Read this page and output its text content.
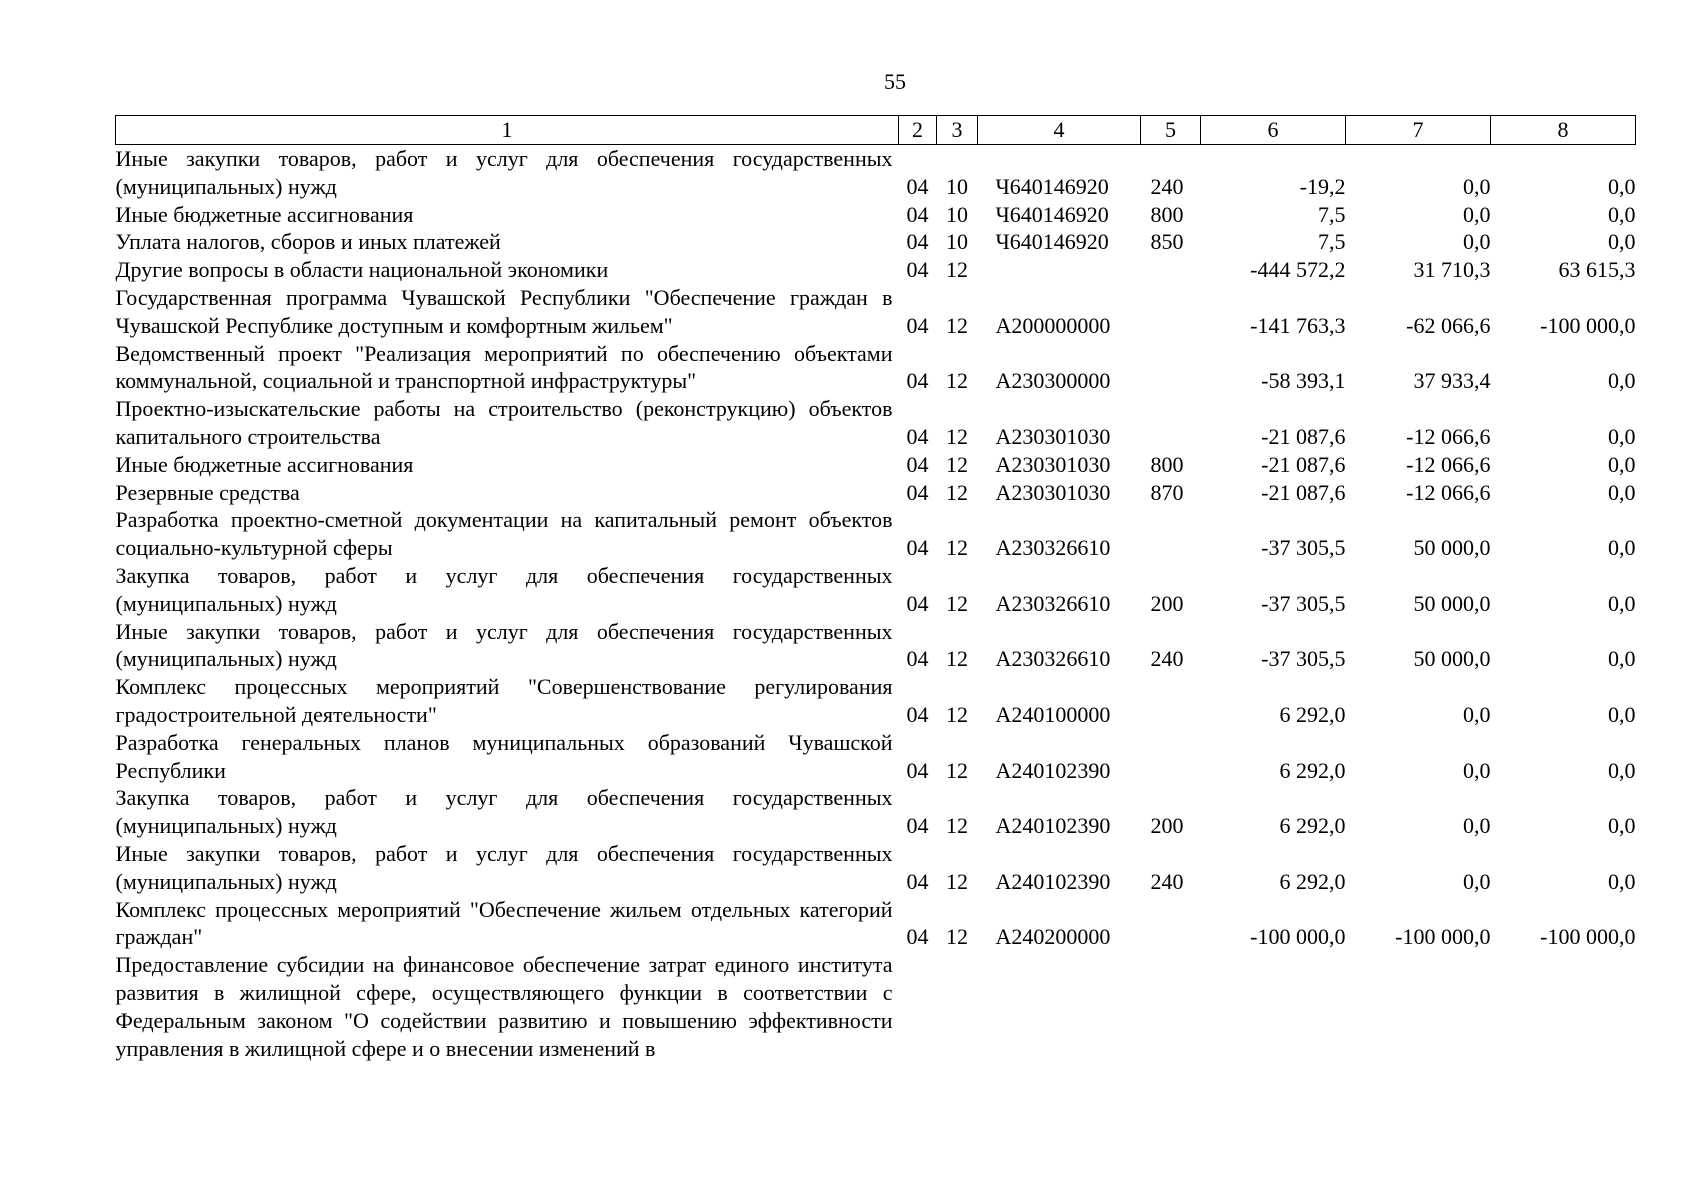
55
1	2	3	4	5	6	7	8
Иные закупки товаров, работ и услуг для обеспечения государственных (муниципальных) нужд	04	10	Ч640146920	240	-19,2	0,0	0,0
Иные бюджетные ассигнования	04	10	Ч640146920	800	7,5	0,0	0,0
Уплата налогов, сборов и иных платежей	04	10	Ч640146920	850	7,5	0,0	0,0
Другие вопросы в области национальной экономики	04	12			-444 572,2	31 710,3	63 615,3
Государственная программа Чувашской Республики "Обеспечение граждан в Чувашской Республике доступным и комфортным жильем"	04	12	А200000000		-141 763,3	-62 066,6	-100 000,0
Ведомственный проект "Реализация мероприятий по обеспечению объектами коммунальной, социальной и транспортной инфраструктуры"	04	12	А230300000		-58 393,1	37 933,4	0,0
Проектно-изыскательские работы на строительство (реконструкцию) объектов капитального строительства	04	12	А230301030		-21 087,6	-12 066,6	0,0
Иные бюджетные ассигнования	04	12	А230301030	800	-21 087,6	-12 066,6	0,0
Резервные средства	04	12	А230301030	870	-21 087,6	-12 066,6	0,0
Разработка проектно-сметной документации на капитальный ремонт объектов социально-культурной сферы	04	12	А230326610		-37 305,5	50 000,0	0,0
Закупка товаров, работ и услуг для обеспечения государственных (муниципальных) нужд	04	12	А230326610	200	-37 305,5	50 000,0	0,0
Иные закупки товаров, работ и услуг для обеспечения государственных (муниципальных) нужд	04	12	А230326610	240	-37 305,5	50 000,0	0,0
Комплекс процессных мероприятий "Совершенствование регулирования градостроительной деятельности"	04	12	А240100000		6 292,0	0,0	0,0
Разработка генеральных планов муниципальных образований Чувашской Республики	04	12	А240102390		6 292,0	0,0	0,0
Закупка товаров, работ и услуг для обеспечения государственных (муниципальных) нужд	04	12	А240102390	200	6 292,0	0,0	0,0
Иные закупки товаров, работ и услуг для обеспечения государственных (муниципальных) нужд	04	12	А240102390	240	6 292,0	0,0	0,0
Комплекс процессных мероприятий "Обеспечение жильем отдельных категорий граждан"	04	12	А240200000		-100 000,0	-100 000,0	-100 000,0
Предоставление субсидии на финансовое обеспечение затрат единого института развития в жилищной сфере, осуществляющего функции в соответствии с Федеральным законом "О содействии развитию и повышению эффективности управления в жилищной сфере и о внесении изменений в							
